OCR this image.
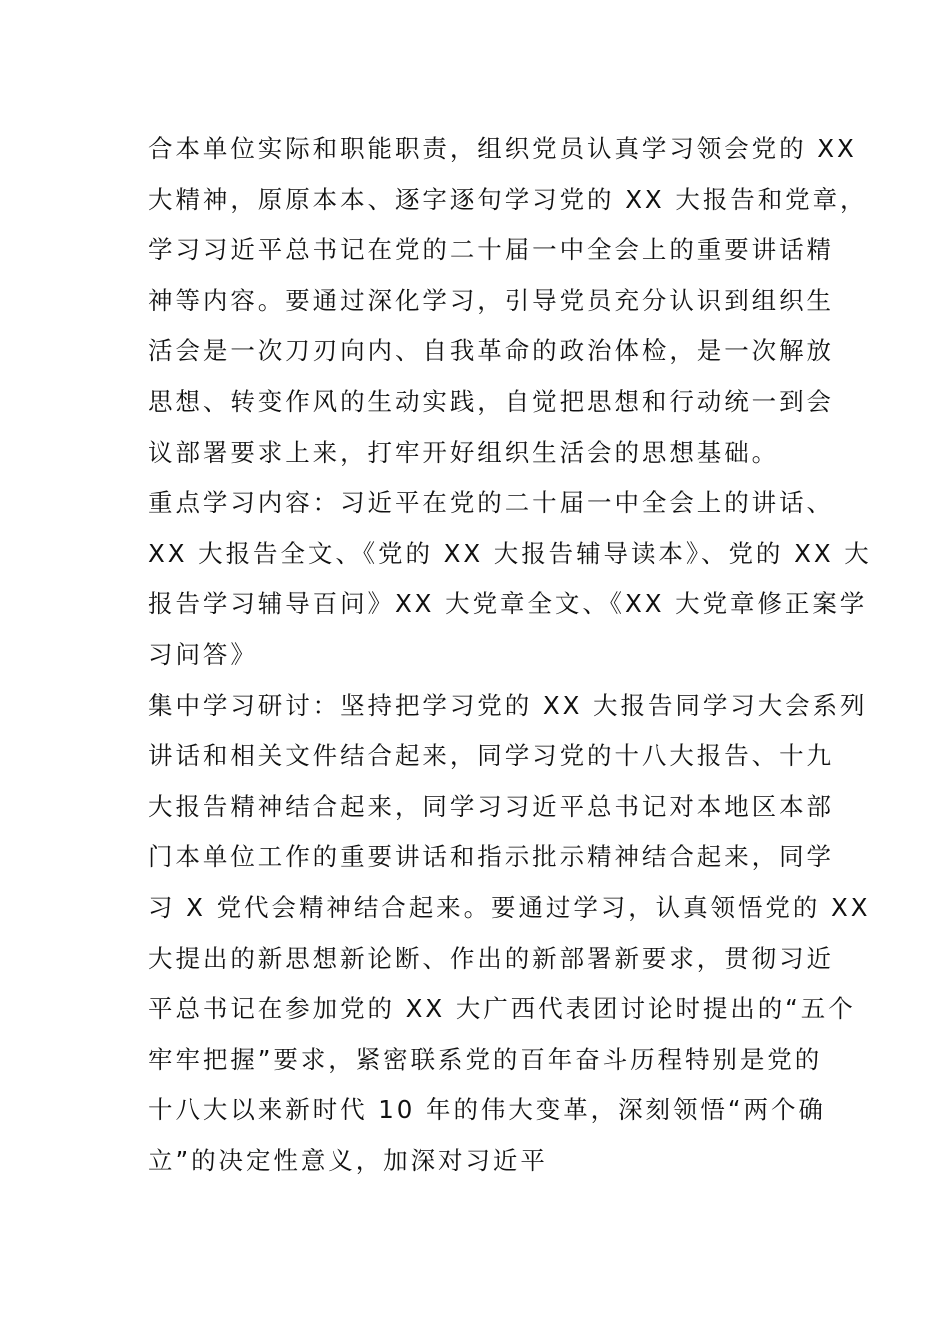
合本单位实际和职能职责，组织党员认真学习领会党的 XX
大精神，原原本本、逐字逐句学习党的 XX 大报告和党章，
学习习近平总书记在党的二十届一中全会上的重要讲话精
神等内容。要通过深化学习，引导党员充分认识到组织生
活会是一次刀刃向内、自我革命的政治体检，是一次解放
思想、转变作风的生动实践，自觉把思想和行动统一到会
议部署要求上来，打牢开好组织生活会的思想基础。
重点学习内容：习近平在党的二十届一中全会上的讲话、
XX 大报告全文、《党的 XX 大报告辅导读本》、党的 XX 大
报告学习辅导百问》XX 大党章全文、《XX 大党章修正案学
习问答》
集中学习研讨：坚持把学习党的 XX 大报告同学习大会系列
讲话和相关文件结合起来，同学习党的十八大报告、十九
大报告精神结合起来，同学习习近平总书记对本地区本部
门本单位工作的重要讲话和指示批示精神结合起来，同学
习 X 党代会精神结合起来。要通过学习，认真领悟党的 XX
大提出的新思想新论断、作出的新部署新要求，贯彻习近
平总书记在参加党的 XX 大广西代表团讨论时提出的“五个
牢牢把握”要求，紧密联系党的百年奋斗历程特别是党的
十八大以来新时代 10 年的伟大变革，深刻领悟“两个确
立”的决定性意义，加深对习近平
